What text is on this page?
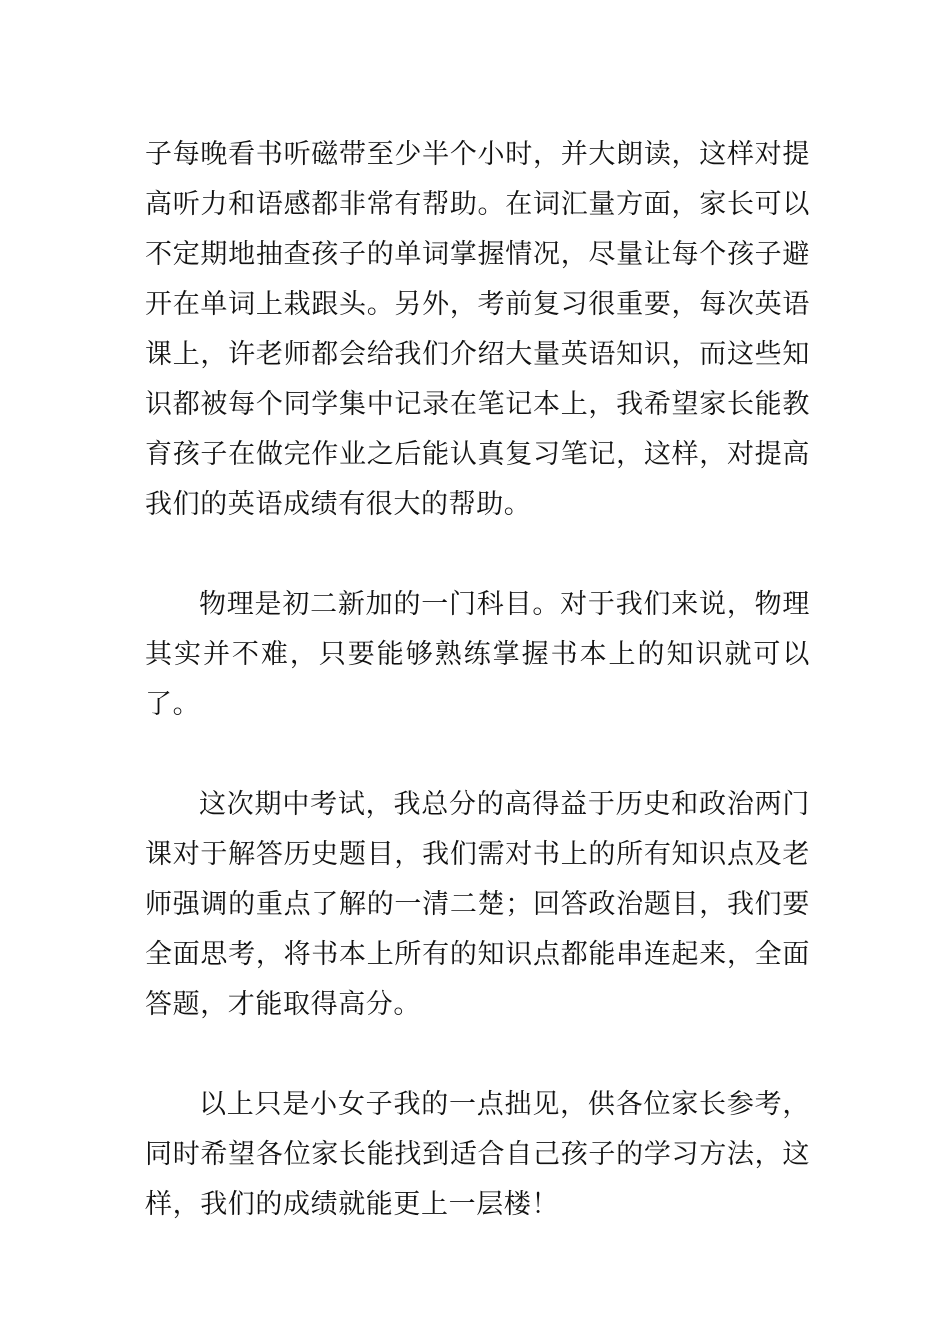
子每晚看书听磁带至少半个小时，并大朗读，这样对提高听力和语感都非常有帮助。在词汇量方面，家长可以不定期地抽查孩子的单词掌握情况，尽量让每个孩子避开在单词上栽跟头。另外，考前复习很重要，每次英语课上，许老师都会给我们介绍大量英语知识，而这些知识都被每个同学集中记录在笔记本上，我希望家长能教育孩子在做完作业之后能认真复习笔记，这样，对提高我们的英语成绩有很大的帮助。

物理是初二新加的一门科目。对于我们来说，物理其实并不难，只要能够熟练掌握书本上的知识就可以了。

这次期中考试，我总分的高得益于历史和政治两门课对于解答历史题目，我们需对书上的所有知识点及老师强调的重点了解的一清二楚；回答政治题目，我们要全面思考，将书本上所有的知识点都能串连起来，全面答题，才能取得高分。

以上只是小女子我的一点拙见，供各位家长参考，同时希望各位家长能找到适合自己孩子的学习方法，这样，我们的成绩就能更上一层楼！
